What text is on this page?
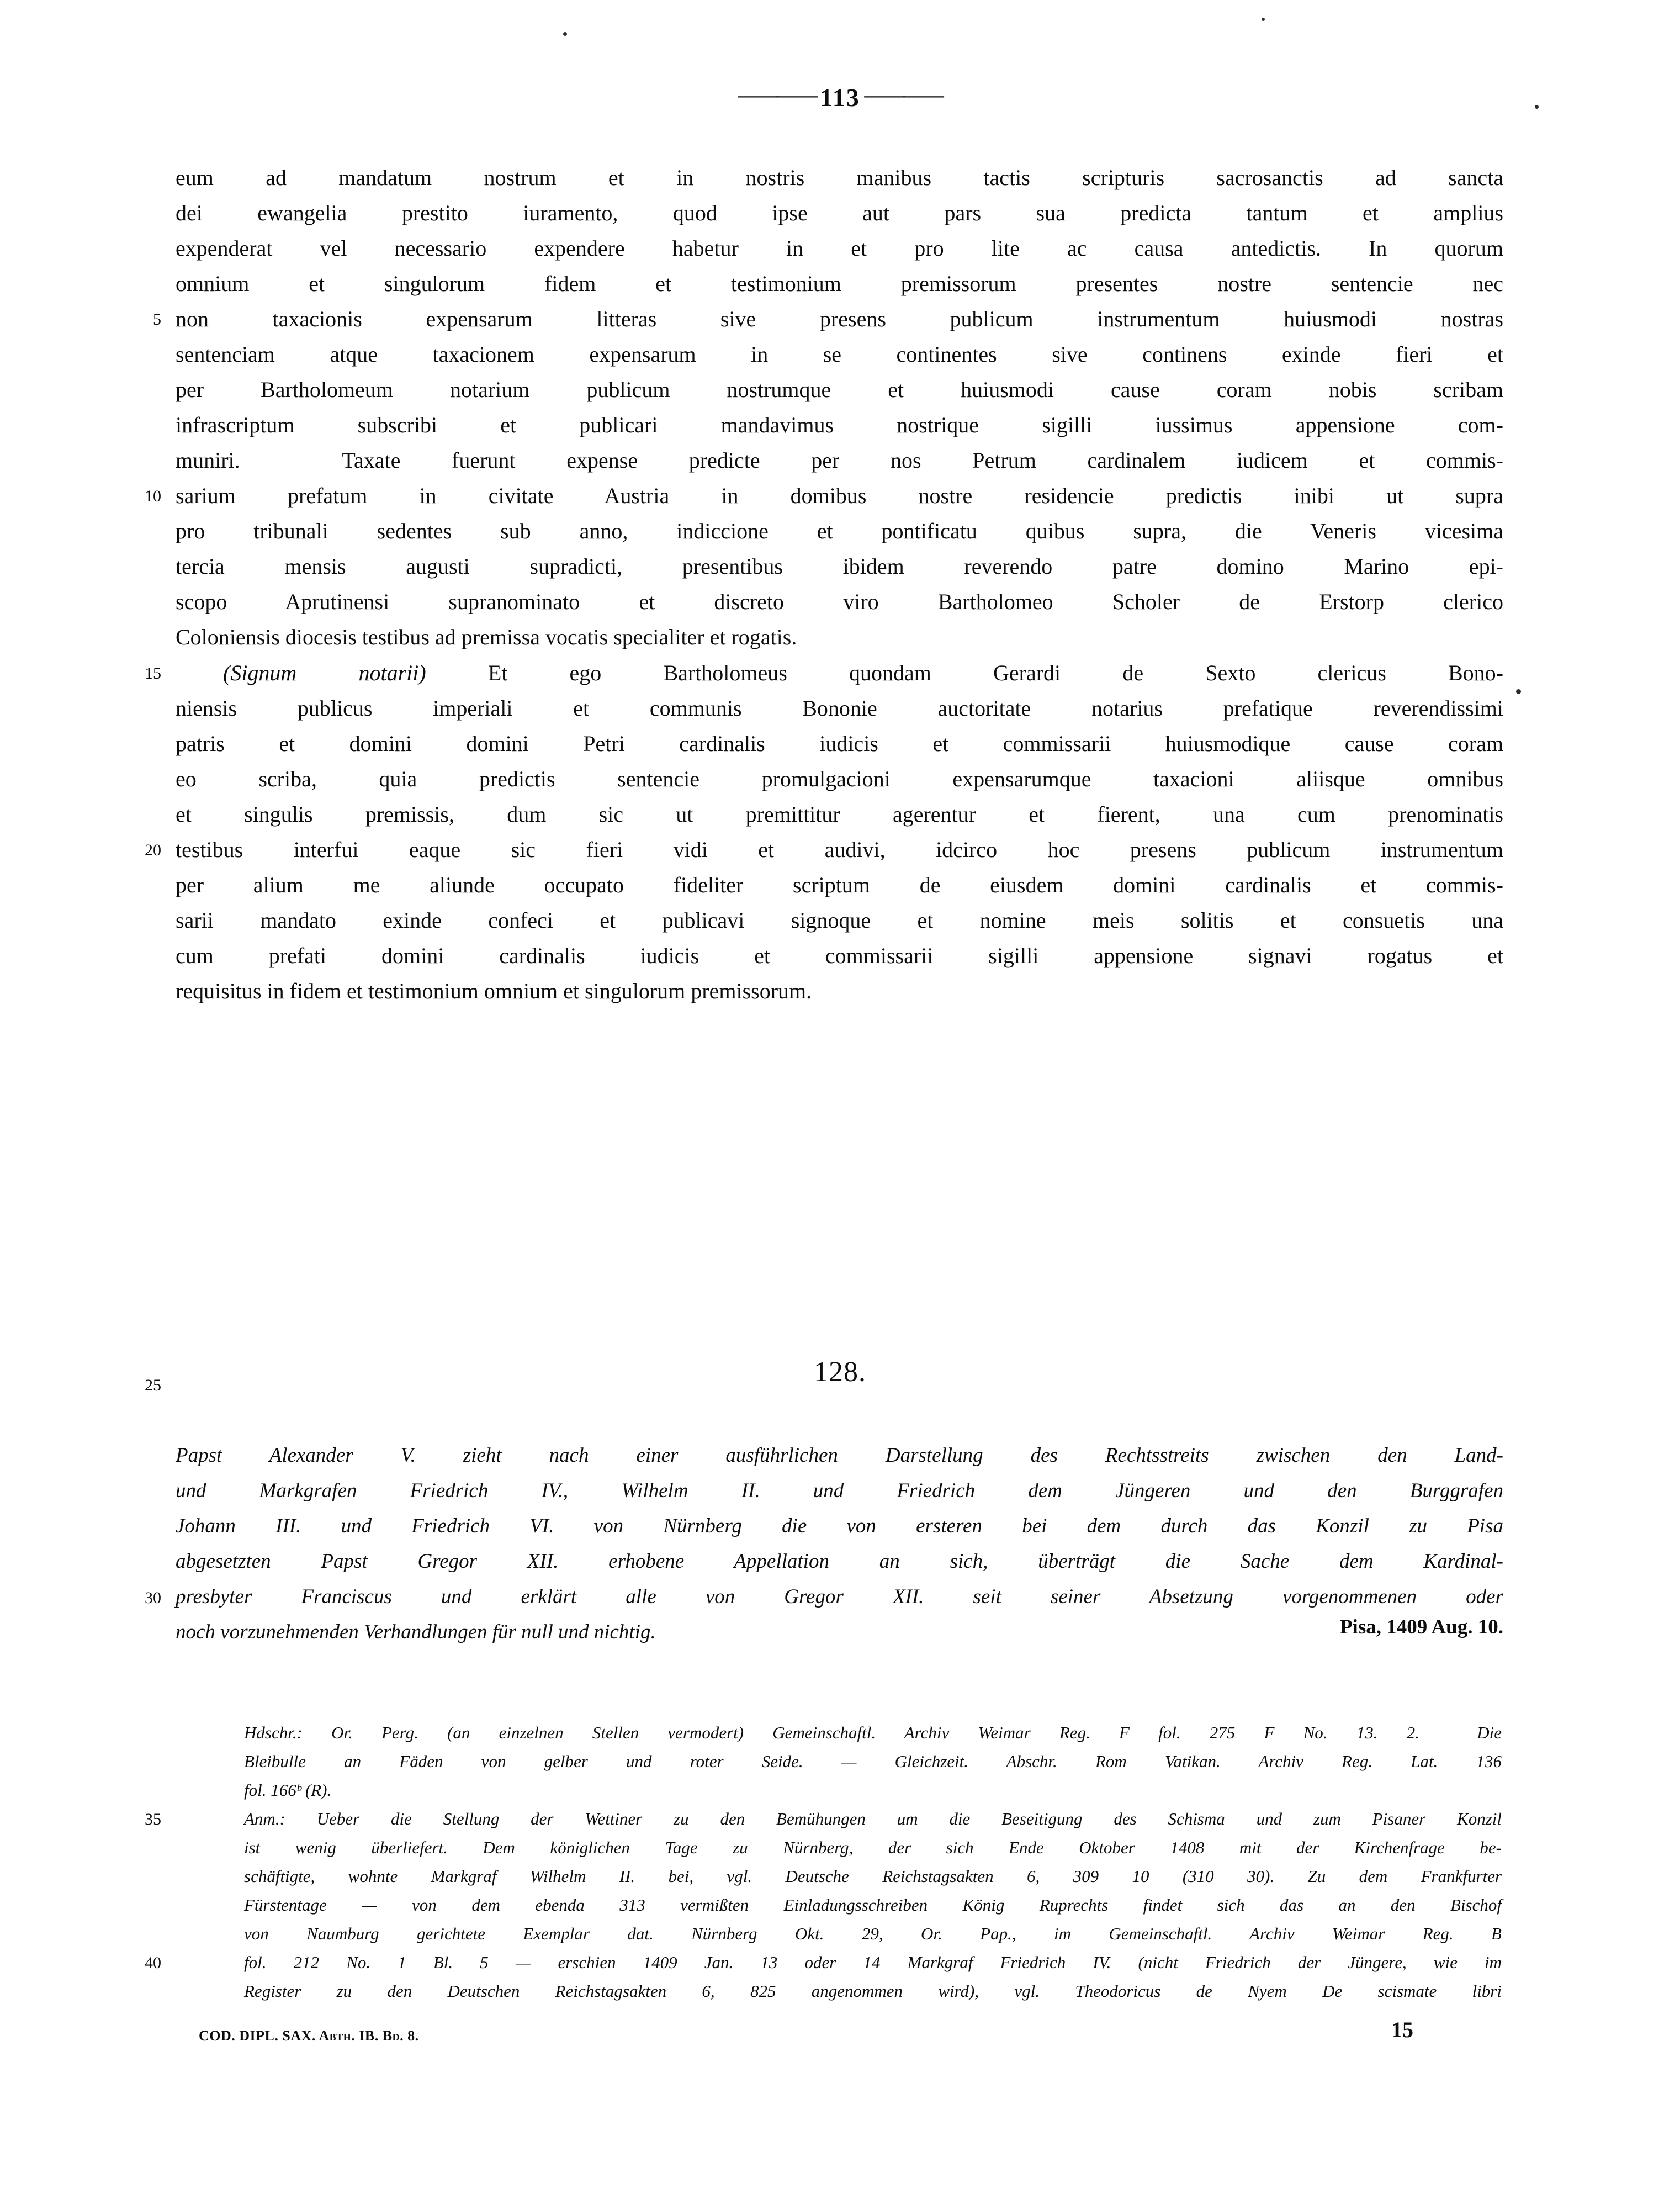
—— 113 ——
eum ad mandatum nostrum et in nostris manibus tactis scripturis sacrosanctis ad sancta
dei ewangelia prestito iuramento, quod ipse aut pars sua predicta tantum et amplius
expenderat vel necessario expendere habetur in et pro lite ac causa antedictis. In quorum
omnium et singulorum fidem et testimonium premissorum presentes nostre sentencie nec
5 non taxacionis expensarum litteras sive presens publicum instrumentum huiusmodi nostras
sentenciam atque taxacionem expensarum in se continentes sive continens exinde fieri et
per Bartholomeum notarium publicum nostrumque et huiusmodi cause coram nobis scribam
infrascriptum subscribi et publicari mandavimus nostrique sigilli iussimus appensione com-
muniri.  Taxate fuerunt expense predicte per nos Petrum cardinalem iudicem et commis-
10 sarium prefatum in civitate Austria in domibus nostre residencie predictis inibi ut supra
pro tribunali sedentes sub anno, indiccione et pontificatu quibus supra, die Veneris vicesima
tercia mensis augusti supradicti, presentibus ibidem reverendo patre domino Marino epi-
scopo Aprutinensi supranominato et discreto viro Bartholomeo Scholer de Erstorp clerico
Coloniensis diocesis testibus ad premissa vocatis specialiter et rogatis.
15	(Signum notarii) Et ego Bartholomeus quondam Gerardi de Sexto clericus Bono-
niensis publicus imperiali et communis Bononie auctoritate notarius prefatique reverendissimi
patris et domini domini Petri cardinalis iudicis et commissarii huiusmodique cause coram
eo scriba, quia predictis sentencie promulgacioni expensarumque taxacioni aliisque omnibus
et singulis premissis, dum sic ut premittitur agerentur et fierent, una cum prenominatis
20 testibus interfui eaque sic fieri vidi et audivi, idcirco hoc presens publicum instrumentum
per alium me aliunde occupato fideliter scriptum de eiusdem domini cardinalis et commis-
sarii mandato exinde confeci et publicavi signoque et nomine meis solitis et consuetis una
cum prefati domini cardinalis iudicis et commissarii sigilli appensione signavi rogatus et
requisitus in fidem et testimonium omnium et singulorum premissorum.
25	128.
Papst Alexander V. zieht nach einer ausführlichen Darstellung des Rechtsstreits zwischen den Land-
und Markgrafen Friedrich IV., Wilhelm II. und Friedrich dem Jüngeren und den Burggrafen
Johann III. und Friedrich VI. von Nürnberg die von ersteren bei dem durch das Konzil zu Pisa
abgesetzten Papst Gregor XII. erhobene Appellation an sich, überträgt die Sache dem Kardinal-
30 presbyter Franciscus und erklärt alle von Gregor XII. seit seiner Absetzung vorgenommenen oder
Pisa, 1409 Aug. 10.
noch vorzunehmenden Verhandlungen für null und nichtig.
Hdschr.: Or. Perg. (an einzelnen Stellen vermodert) Gemeinschaftl. Archiv Weimar Reg. F fol. 275 F No. 13. 2.  Die
Bleibulle an Fäden von gelber und roter Seide. — Gleichzeit. Abschr. Rom Vatikan. Archiv Reg. Lat. 136
fol. 166ᵇ (R).
35	Anm.: Ueber die Stellung der Wettiner zu den Bemühungen um die Beseitigung des Schisma und zum Pisaner Konzil
ist wenig überliefert. Dem königlichen Tage zu Nürnberg, der sich Ende Oktober 1408 mit der Kirchenfrage be-
schäftigte, wohnte Markgraf Wilhelm II. bei, vgl. Deutsche Reichstagsakten 6, 309 10 (310 30). Zu dem Frankfurter
Fürstentage — von dem ebenda 313 vermißten Einladungsschreiben König Ruprechts findet sich das an den Bischof
von Naumburg gerichtete Exemplar dat. Nürnberg Okt. 29, Or. Pap., im Gemeinschaftl. Archiv Weimar Reg. B
40	fol. 212 No. 1 Bl. 5 — erschien 1409 Jan. 13 oder 14 Markgraf Friedrich IV. (nicht Friedrich der Jüngere, wie im
Register zu den Deutschen Reichstagsakten 6, 825 angenommen wird), vgl. Theodoricus de Nyem De scismate libri
COD. DIPL. SAX. Abth. IB. Bd. 8.	15
